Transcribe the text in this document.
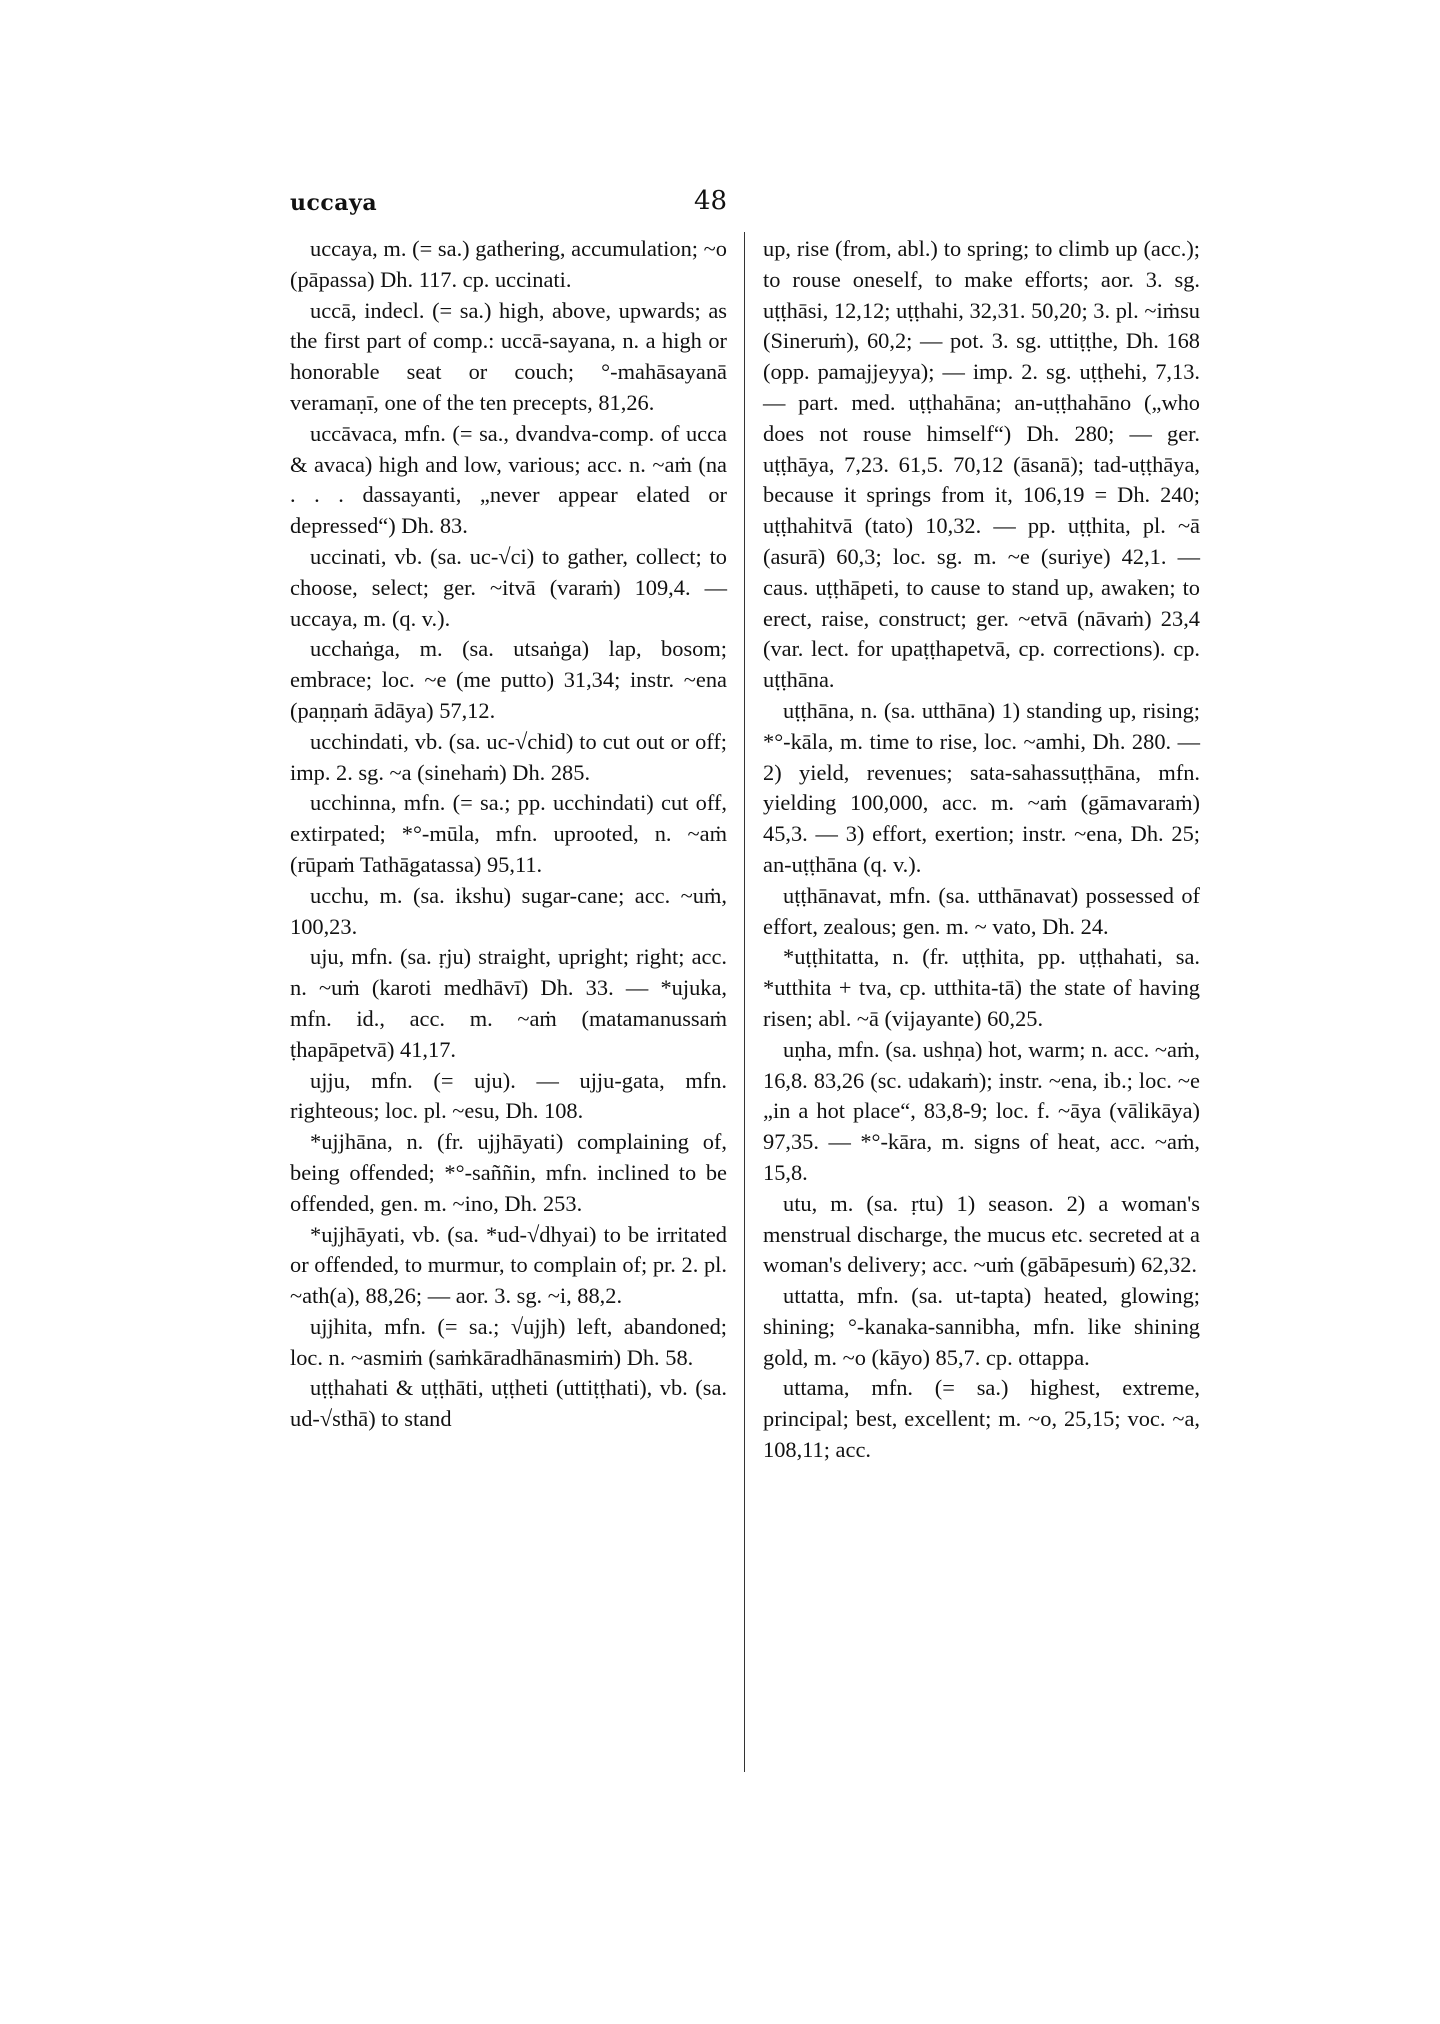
uccaya	48

uccaya, m. (= sa.) gathering, accumulation; ~o (pāpassa) Dh. 117. cp. uccinati.

uccā, indecl. (= sa.) high, above, upwards; as the first part of comp.: uccā-sayana, n. a high or honorable seat or couch; °-mahāsayanā veramaṇī, one of the ten precepts, 81,26.

uccāvaca, mfn. (= sa., dvandva-comp. of ucca & avaca) high and low, various; acc. n. ~aṁ (na . . . dassayanti, „never appear elated or depressed“) Dh. 83.

uccinati, vb. (sa. uc-√ci) to gather, collect; to choose, select; ger. ~itvā (varaṁ) 109,4. — uccaya, m. (q. v.).

ucchaṅga, m. (sa. utsaṅga) lap, bosom; embrace; loc. ~e (me putto) 31,34; instr. ~ena (paṇṇaṁ ādāya) 57,12.

ucchindati, vb. (sa. uc-√chid) to cut out or off; imp. 2. sg. ~a (sinehaṁ) Dh. 285.

ucchinna, mfn. (= sa.; pp. ucchindati) cut off, extirpated; *°-mūla, mfn. uprooted, n. ~aṁ (rūpaṁ Tathāgatassa) 95,11.

ucchu, m. (sa. ikshu) sugar-cane; acc. ~uṁ, 100,23.

uju, mfn. (sa. ṛju) straight, upright; right; acc. n. ~uṁ (karoti medhāvī) Dh. 33. — *ujuka, mfn. id., acc. m. ~aṁ (matamanussaṁ ṭhapāpetvā) 41,17.

ujju, mfn. (= uju). — ujju-gata, mfn. righteous; loc. pl. ~esu, Dh. 108.

*ujjhāna, n. (fr. ujjhāyati) complaining of, being offended; *°-saññin, mfn. inclined to be offended, gen. m. ~ino, Dh. 253.

*ujjhāyati, vb. (sa. *ud-√dhyai) to be irritated or offended, to murmur, to complain of; pr. 2. pl. ~ath(a), 88,26; — aor. 3. sg. ~i, 88,2.

ujjhita, mfn. (= sa.; √ujjh) left, abandoned; loc. n. ~asmiṁ (saṁkāradhānasmiṁ) Dh. 58.

uṭṭhahati & uṭṭhāti, uṭṭheti (uttiṭṭhati), vb. (sa. ud-√sthā) to stand

up, rise (from, abl.) to spring; to climb up (acc.); to rouse oneself, to make efforts; aor. 3. sg. uṭṭhāsi, 12,12; uṭṭhahi, 32,31. 50,20; 3. pl. ~iṁsu (Sineruṁ), 60,2; — pot. 3. sg. uttiṭṭhe, Dh. 168 (opp. pamajjeyya); — imp. 2. sg. uṭṭhehi, 7,13. — part. med. uṭṭhahāna; an-uṭṭhahāno („who does not rouse himself“) Dh. 280; — ger. uṭṭhāya, 7,23. 61,5. 70,12 (āsanā); tad-uṭṭhāya, because it springs from it, 106,19 = Dh. 240; uṭṭhahitvā (tato) 10,32. — pp. uṭṭhita, pl. ~ā (asurā) 60,3; loc. sg. m. ~e (suriye) 42,1. — caus. uṭṭhāpeti, to cause to stand up, awaken; to erect, raise, construct; ger. ~etvā (nāvaṁ) 23,4 (var. lect. for upaṭṭhapetvā, cp. corrections). cp. uṭṭhāna.

uṭṭhāna, n. (sa. utthāna) 1) standing up, rising; *°-kāla, m. time to rise, loc. ~amhi, Dh. 280. — 2) yield, revenues; sata-sahassuṭṭhāna, mfn. yielding 100,000, acc. m. ~aṁ (gāmavaraṁ) 45,3. — 3) effort, exertion; instr. ~ena, Dh. 25; an-uṭṭhāna (q. v.).

uṭṭhānavat, mfn. (sa. utthānavat) possessed of effort, zealous; gen. m. ~ vato, Dh. 24.

*uṭṭhitatta, n. (fr. uṭṭhita, pp. uṭṭhahati, sa. *utthita + tva, cp. utthita-tā) the state of having risen; abl. ~ā (vijayante) 60,25.

uṇha, mfn. (sa. ushṇa) hot, warm; n. acc. ~aṁ, 16,8. 83,26 (sc. udakaṁ); instr. ~ena, ib.; loc. ~e „in a hot place“, 83,8-9; loc. f. ~āya (vālikāya) 97,35. — *°-kāra, m. signs of heat, acc. ~aṁ, 15,8.

utu, m. (sa. ṛtu) 1) season. 2) a woman's menstrual discharge, the mucus etc. secreted at a woman's delivery; acc. ~uṁ (gābāpesuṁ) 62,32.

uttatta, mfn. (sa. ut-tapta) heated, glowing; shining; °-kanaka-sannibha, mfn. like shining gold, m. ~o (kāyo) 85,7. cp. ottappa.

uttama, mfn. (= sa.) highest, extreme, principal; best, excellent; m. ~o, 25,15; voc. ~a, 108,11; acc.
